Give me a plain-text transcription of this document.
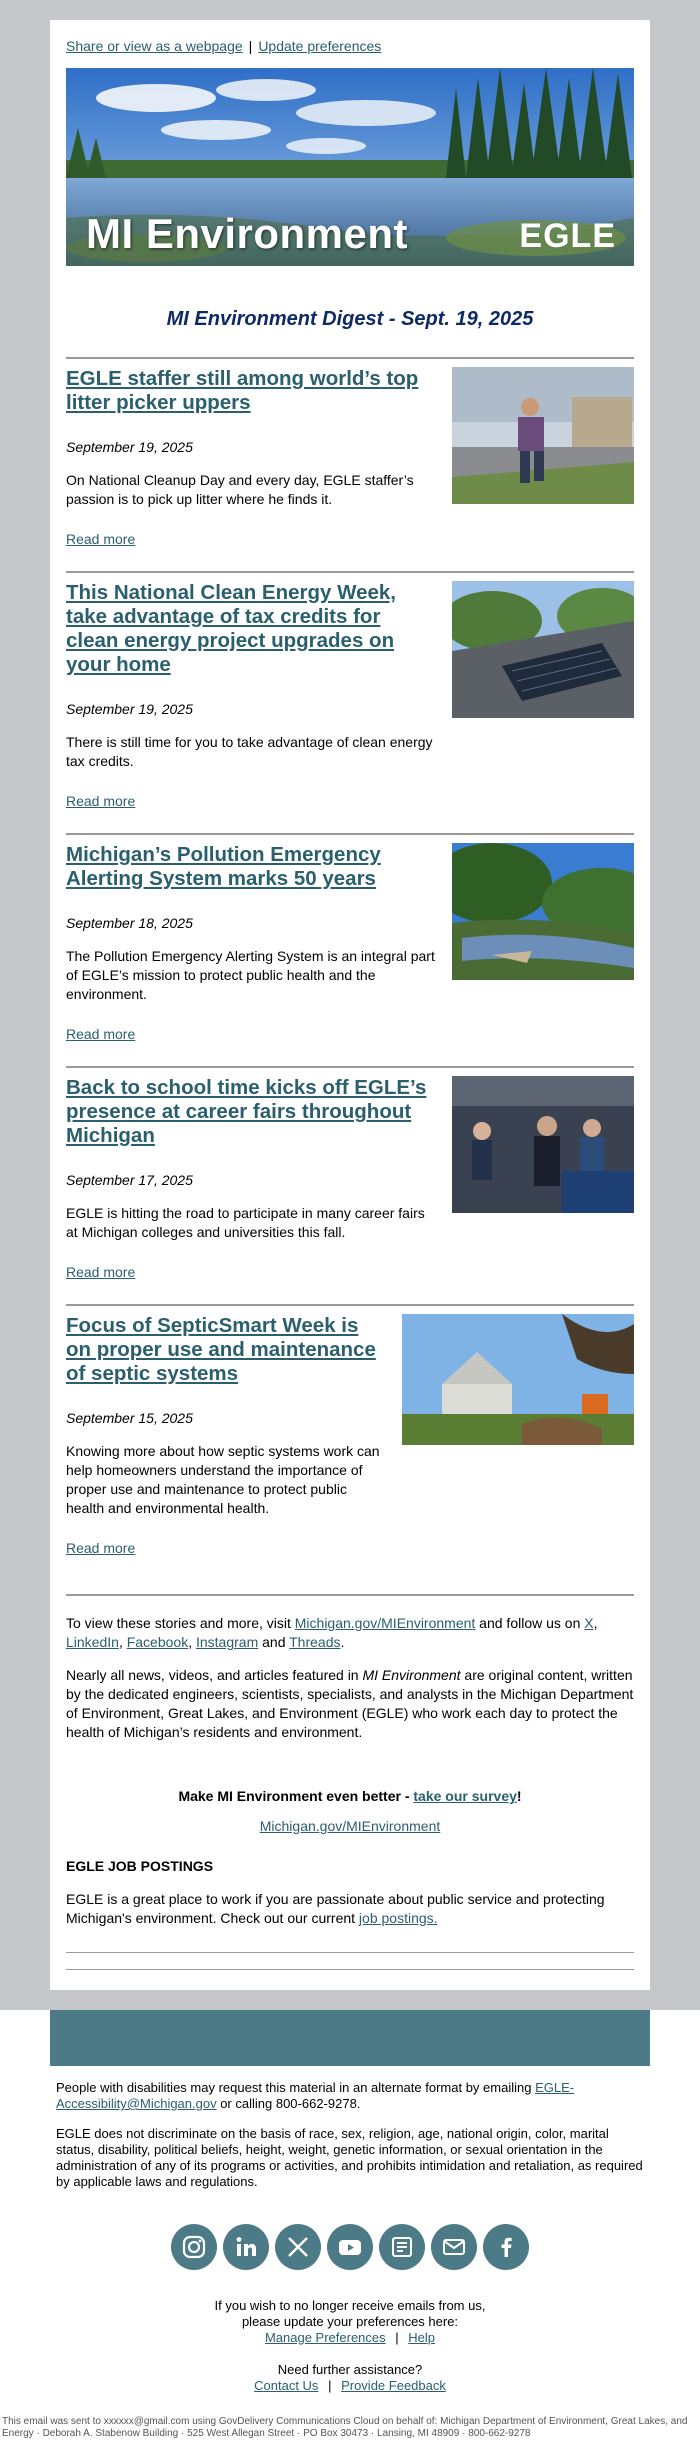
Share or view as a webpage | Update preferences
MI Environment	EGLE
MI Environment Digest - Sept. 19, 2025
EGLE staffer still among world’s top litter picker uppers
September 19, 2025

On National Cleanup Day and every day, EGLE staffer’s passion is to pick up litter where he finds it.

Read more
This National Clean Energy Week, take advantage of tax credits for clean energy project upgrades on your home
September 19, 2025

There is still time for you to take advantage of clean energy tax credits.

Read more
Michigan’s Pollution Emergency Alerting System marks 50 years
September 18, 2025

The Pollution Emergency Alerting System is an integral part of EGLE’s mission to protect public health and the environment.

Read more
Back to school time kicks off EGLE’s presence at career fairs throughout Michigan
September 17, 2025

EGLE is hitting the road to participate in many career fairs at Michigan colleges and universities this fall.

Read more
Focus of SepticSmart Week is on proper use and maintenance of septic systems
September 15, 2025

Knowing more about how septic systems work can help homeowners understand the importance of proper use and maintenance to protect public health and environmental health.

Read more

To view these stories and more, visit Michigan.gov/MIEnvironment and follow us on X, LinkedIn, Facebook, Instagram and Threads.

Nearly all news, videos, and articles featured in MI Environment are original content, written by the dedicated engineers, scientists, specialists, and analysts in the Michigan Department of Environment, Great Lakes, and Environment (EGLE) who work each day to protect the health of Michigan’s residents and environment.

Make MI Environment even better - take our survey!

Michigan.gov/MIEnvironment

EGLE JOB POSTINGS

EGLE is a great place to work if you are passionate about public service and protecting Michigan's environment. Check out our current job postings.

People with disabilities may request this material in an alternate format by emailing EGLE-Accessibility@Michigan.gov or calling 800-662-9278.

EGLE does not discriminate on the basis of race, sex, religion, age, national origin, color, marital status, disability, political beliefs, height, weight, genetic information, or sexual orientation in the administration of any of its programs or activities, and prohibits intimidation and retaliation, as required by applicable laws and regulations.

If you wish to no longer receive emails from us,
please update your preferences here:
Manage Preferences | Help
Need further assistance?
Contact Us | Provide Feedback
This email was sent to xxxxxx@gmail.com using GovDelivery Communications Cloud on behalf of: Michigan Department of Environment, Great Lakes, and Energy · Deborah A. Stabenow Building · 525 West Allegan Street · PO Box 30473 · Lansing, MI 48909 · 800-662-9278
